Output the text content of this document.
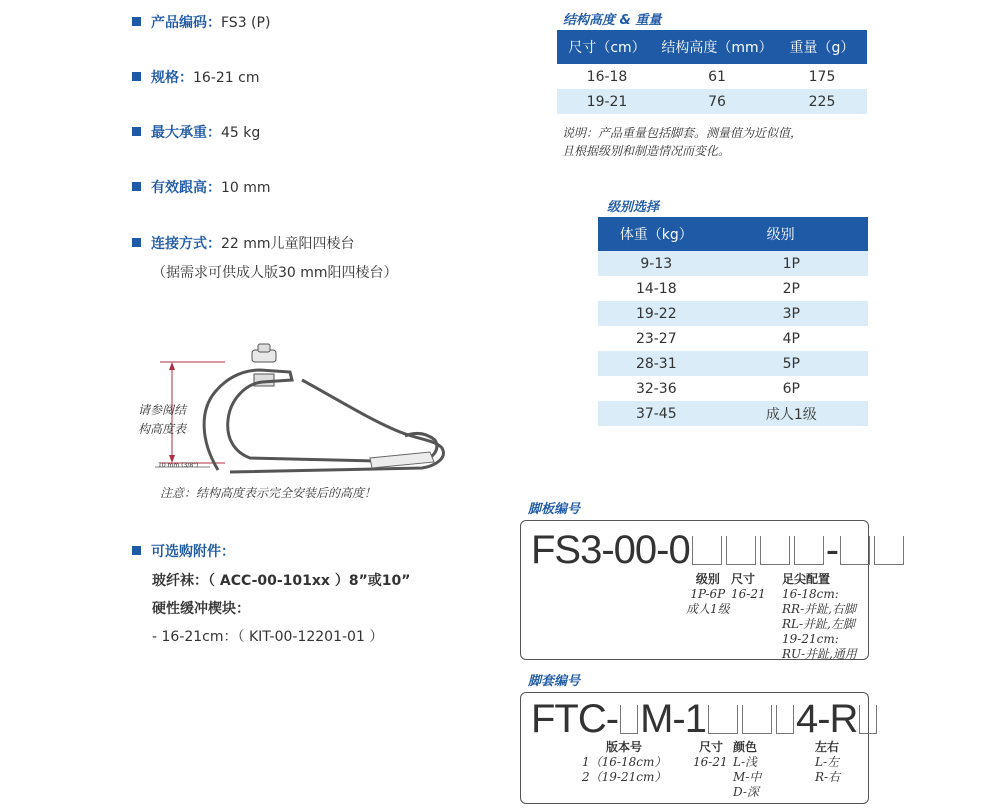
产品编码：FS3 (P)
规格：16-21 cm
最大承重：45 kg
有效跟高：10 mm
连接方式：22 mm儿童阳四棱台
（据需求可供成人版30 mm阳四棱台）
请参阅结
构高度表
10 mm (3/8")
注意：结构高度表示完全安装后的高度！
可选购附件：
玻纤袜：（ ACC-00-101xx ）8”或10”
硬性缓冲楔块：
- 16-21cm：（ KIT-00-12201-01 ）
结构高度 & 重量
尺寸（cm）	结构高度（mm）	重量（g）
16-18	61	175
19-21	76	225
说明：产品重量包括脚套。测量值为近似值，
且根据级别和制造情况而变化。
级别选择
体重（kg）	级别
9-13	1P
14-18	2P
19-22	3P
23-27	4P
28-31	5P
32-36	6P
37-45	成人1级
脚板编号
FS3-00-0	-
级别
1P-6P
成人1级
尺寸
16-21
足尖配置
16-18cm:
RR-并趾,右脚
RL-并趾,左脚
19-21cm:
RU-并趾,通用
脚套编号
FTC- M-1 4-R
版本号
1（16-18cm）
2（19-21cm）
尺寸
16-21
颜色
L-浅
M-中
D-深
左右
L-左
R-右
